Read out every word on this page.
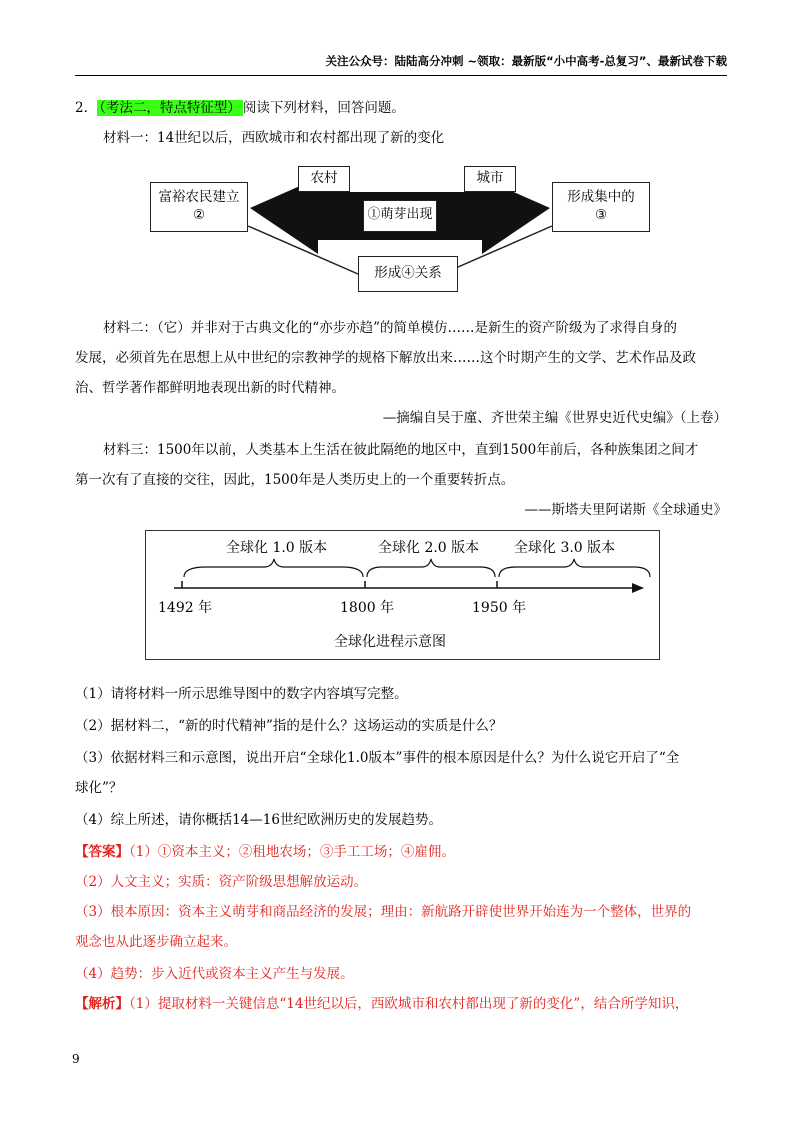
关注公众号：陆陆高分冲刺 ~领取：最新版“小中高考-总复习”、最新试卷下载
2． （考法二，特点特征型） 阅读下列材料，回答问题。
材料一：14世纪以后，西欧城市和农村都出现了新的变化
富裕农民建立
②
农村
①萌芽出现
城市
形成集中的
③
形成④关系
材料二：（它）并非对于古典文化的“亦步亦趋”的简单模仿……是新生的资产阶级为了求得自身的
发展，必须首先在思想上从中世纪的宗教神学的规格下解放出来……这个时期产生的文学、艺术作品及政
治、哲学著作都鲜明地表现出新的时代精神。
—摘编自吴于廑、齐世荣主编《世界史近代史编》（上卷）
材料三：1500年以前，人类基本上生活在彼此隔绝的地区中，直到1500年前后，各种族集团之间才
第一次有了直接的交往，因此，1500年是人类历史上的一个重要转折点。
——斯塔夫里阿诺斯《全球通史》
全球化 1.0 版本	全球化 2.0 版本 全球化 3.0 版本
1492 年	1800 年	1950 年
全球化进程示意图
（1）请将材料一所示思维导图中的数字内容填写完整。
（2）据材料二，“新的时代精神”指的是什么？这场运动的实质是什么？
（3）依据材料三和示意图，说出开启“全球化1.0版本”事件的根本原因是什么？为什么说它开启了“全
球化”？
（4）综上所述，请你概括14—16世纪欧洲历史的发展趋势。
【答案】（1）①资本主义；②租地农场；③手工工场；④雇佣。
（2）人文主义；实质：资产阶级思想解放运动。
（3）根本原因：资本主义萌芽和商品经济的发展；理由：新航路开辟使世界开始连为一个整体，世界的
观念也从此逐步确立起来。
（4）趋势：步入近代或资本主义产生与发展。
【解析】（1）提取材料一关键信息“14世纪以后，西欧城市和农村都出现了新的变化”，结合所学知识，
9
